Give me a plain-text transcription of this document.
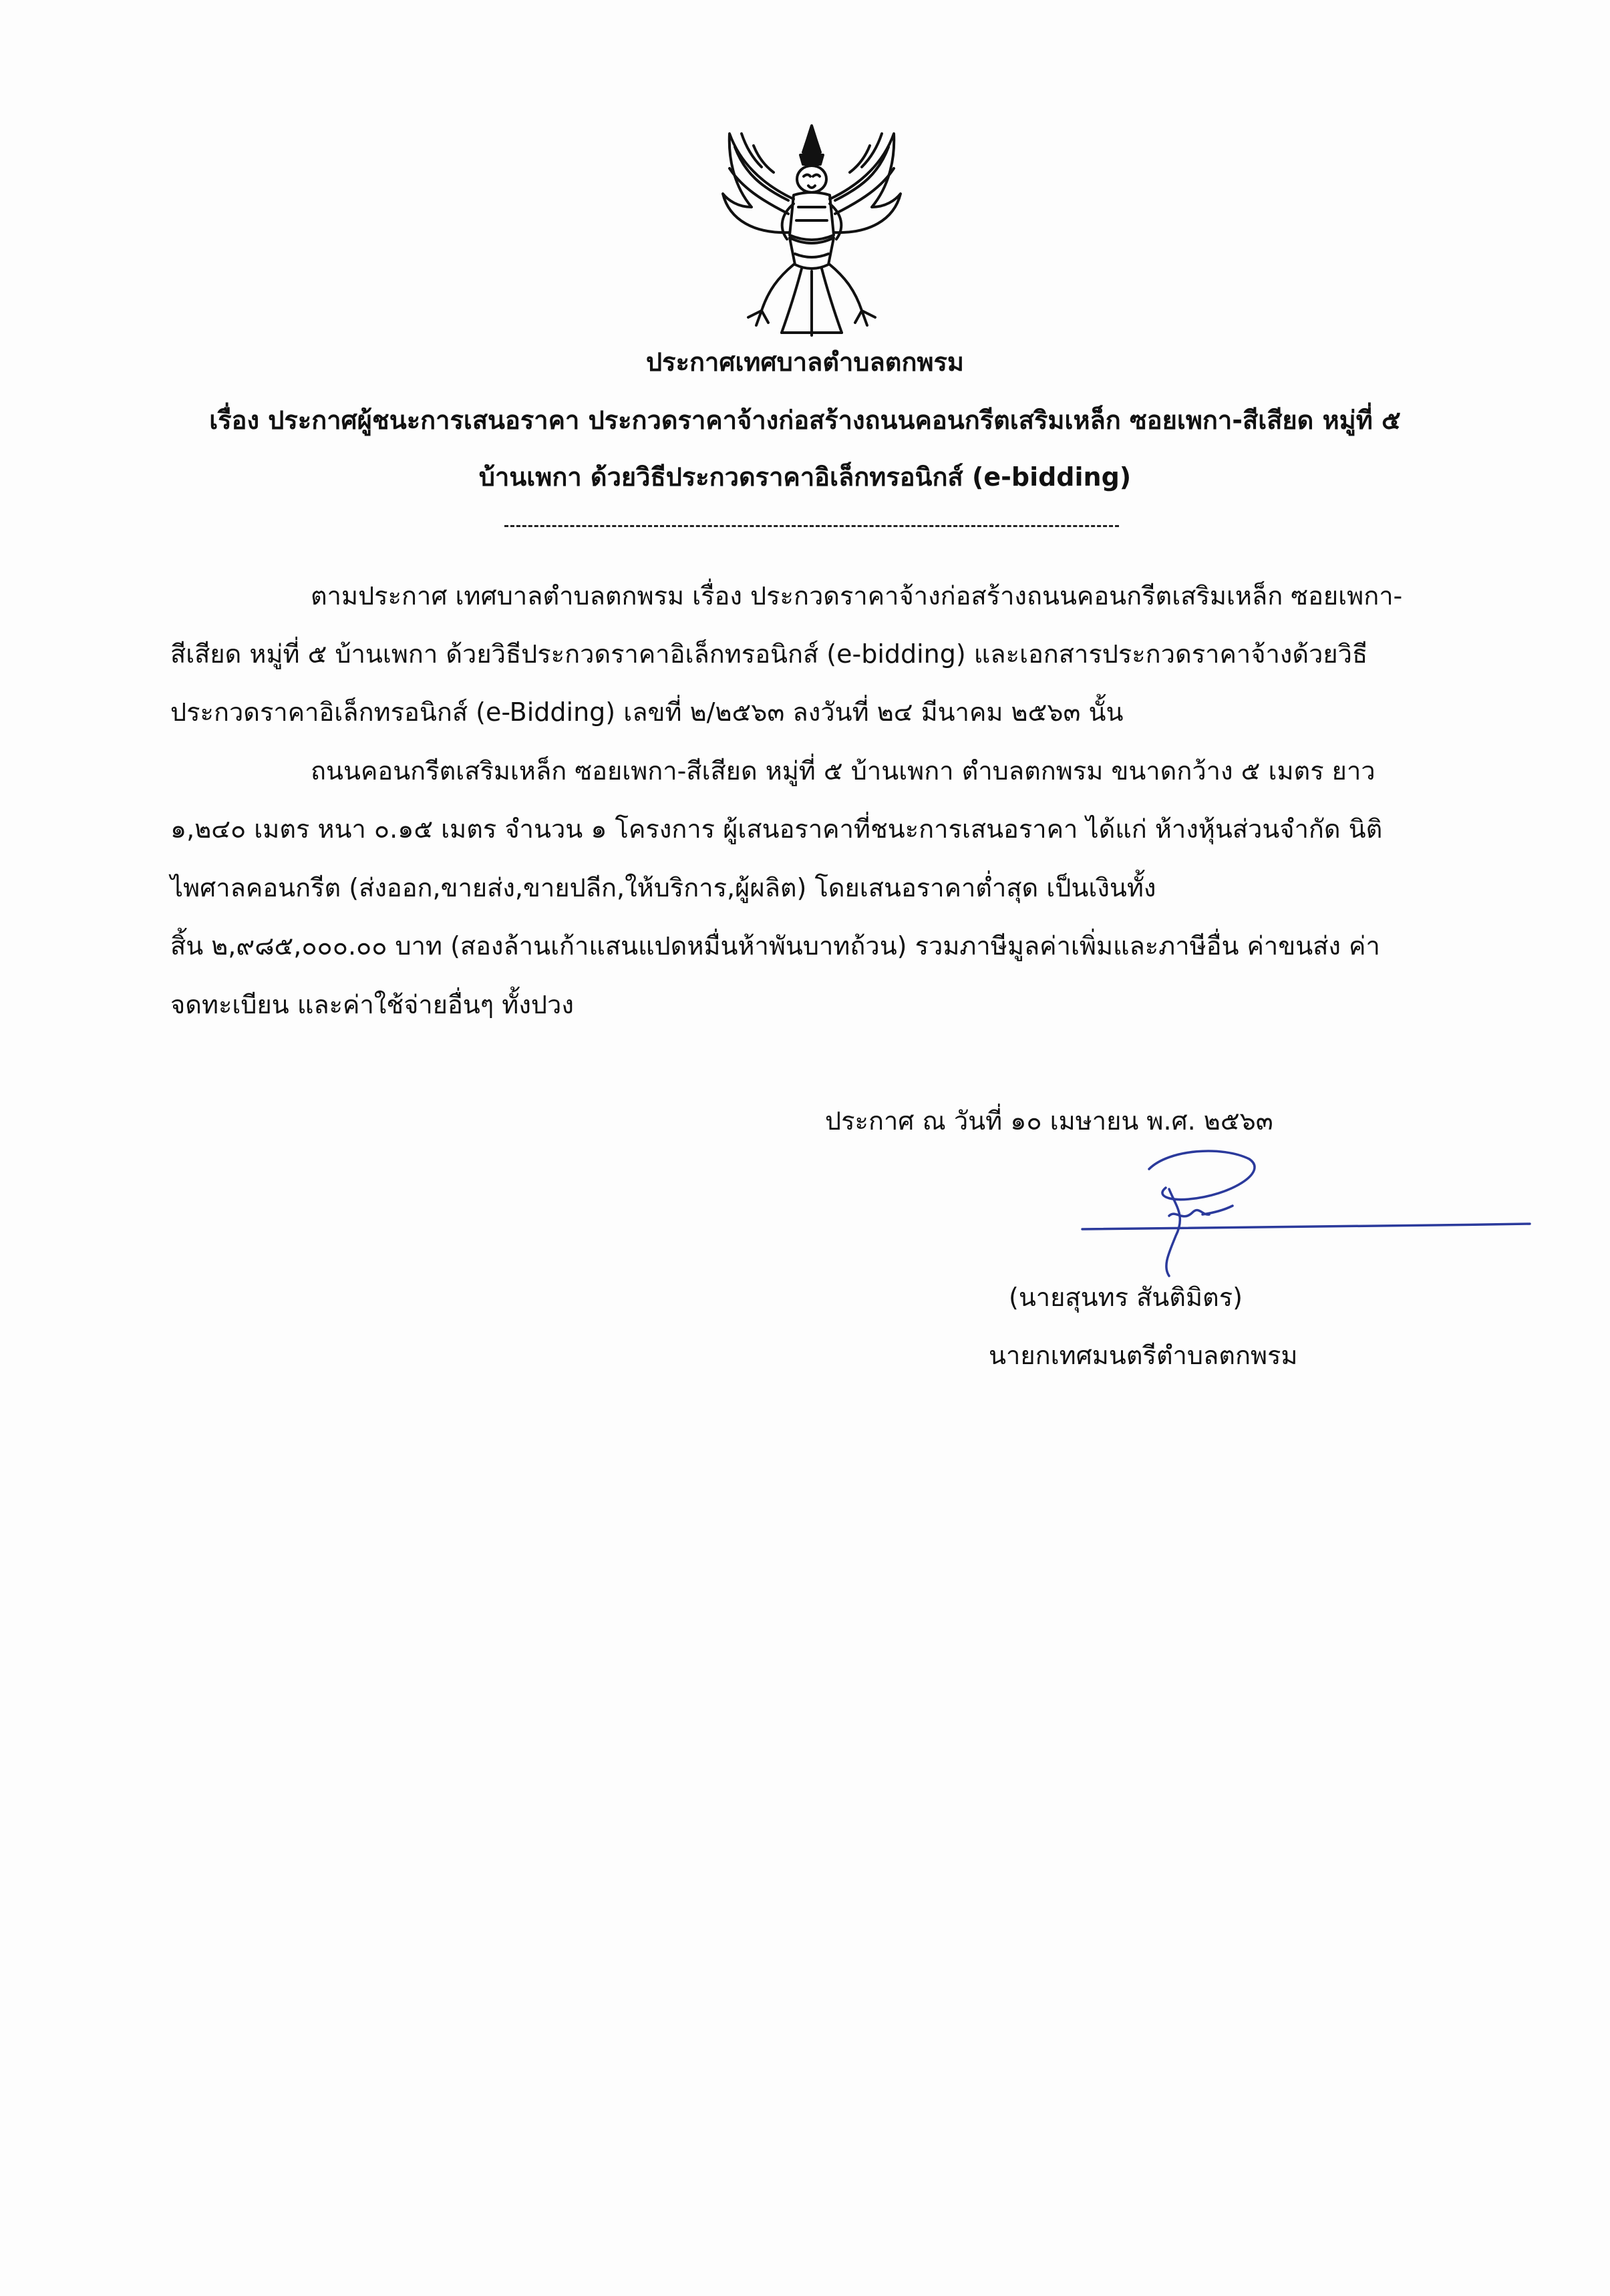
ประกาศเทศบาลตำบลตกพรม
เรื่อง ประกาศผู้ชนะการเสนอราคา ประกวดราคาจ้างก่อสร้างถนนคอนกรีตเสริมเหล็ก ซอยเพกา-สีเสียด หมู่ที่ ๕
บ้านเพกา ด้วยวิธีประกวดราคาอิเล็กทรอนิกส์ (e-bidding)
ตามประกาศ เทศบาลตำบลตกพรม เรื่อง ประกวดราคาจ้างก่อสร้างถนนคอนกรีตเสริมเหล็ก ซอยเพกา-
สีเสียด หมู่ที่ ๕ บ้านเพกา ด้วยวิธีประกวดราคาอิเล็กทรอนิกส์ (e-bidding) และเอกสารประกวดราคาจ้างด้วยวิธี
ประกวดราคาอิเล็กทรอนิกส์ (e-Bidding) เลขที่ ๒/๒๕๖๓ ลงวันที่ ๒๔ มีนาคม ๒๕๖๓ นั้น
ถนนคอนกรีตเสริมเหล็ก ซอยเพกา-สีเสียด หมู่ที่ ๕ บ้านเพกา ตำบลตกพรม ขนาดกว้าง ๕ เมตร ยาว
๑,๒๔๐ เมตร หนา ๐.๑๕ เมตร จำนวน ๑ โครงการ ผู้เสนอราคาที่ชนะการเสนอราคา ได้แก่ ห้างหุ้นส่วนจำกัด นิติ
ไพศาลคอนกรีต (ส่งออก,ขายส่ง,ขายปลีก,ให้บริการ,ผู้ผลิต) โดยเสนอราคาต่ำสุด เป็นเงินทั้ง
สิ้น ๒,๙๘๕,๐๐๐.๐๐ บาท (สองล้านเก้าแสนแปดหมื่นห้าพันบาทถ้วน) รวมภาษีมูลค่าเพิ่มและภาษีอื่น ค่าขนส่ง ค่า
จดทะเบียน และค่าใช้จ่ายอื่นๆ ทั้งปวง
ประกาศ ณ วันที่ ๑๐ เมษายน พ.ศ. ๒๕๖๓
(นายสุนทร สันติมิตร)
นายกเทศมนตรีตำบลตกพรม
